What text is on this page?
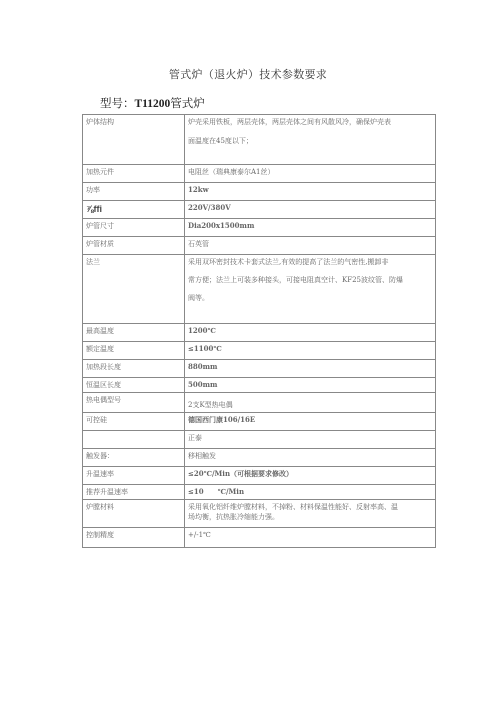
管式炉（退火炉）技术参数要求
型号：T11200管式炉
炉体结构	炉壳采用铁板，两层壳体，两层壳体之间有风散风冷，确保炉壳表
面温度在45度以下；

加热元件	电阻丝（瑞典康泰尔A1丝）
功率	12kw
⅞ffi	220V/380V
炉管尺寸	Dia200x1500mm
炉管材质	石英管
法兰	采用双环密封技术卡套式法兰,有效的提高了法兰的气密性,搬卸非
常方便；法兰上可装多种接头，可接电阻真空计、KF25波纹管、防爆
阀等。

最高温度	1200℃
额定温度	≤1100℃
加热段长度	880mm
恒温区长度	500mm
热电偶型号	2支K型热电偶
可控硅	德国西门康106/16E
	正泰
触发器：	移相触发
升温速率	≤20℃/Min（可根据要求修改）
推荐升温速率	≤10　　℃/Min
炉膛材料	采用氧化铝纤维炉膛材料，不掉粉、材料保温性能好、反射率高、温
场均衡，抗热胀冷缩能力强。

控制精度	+/-1℃
